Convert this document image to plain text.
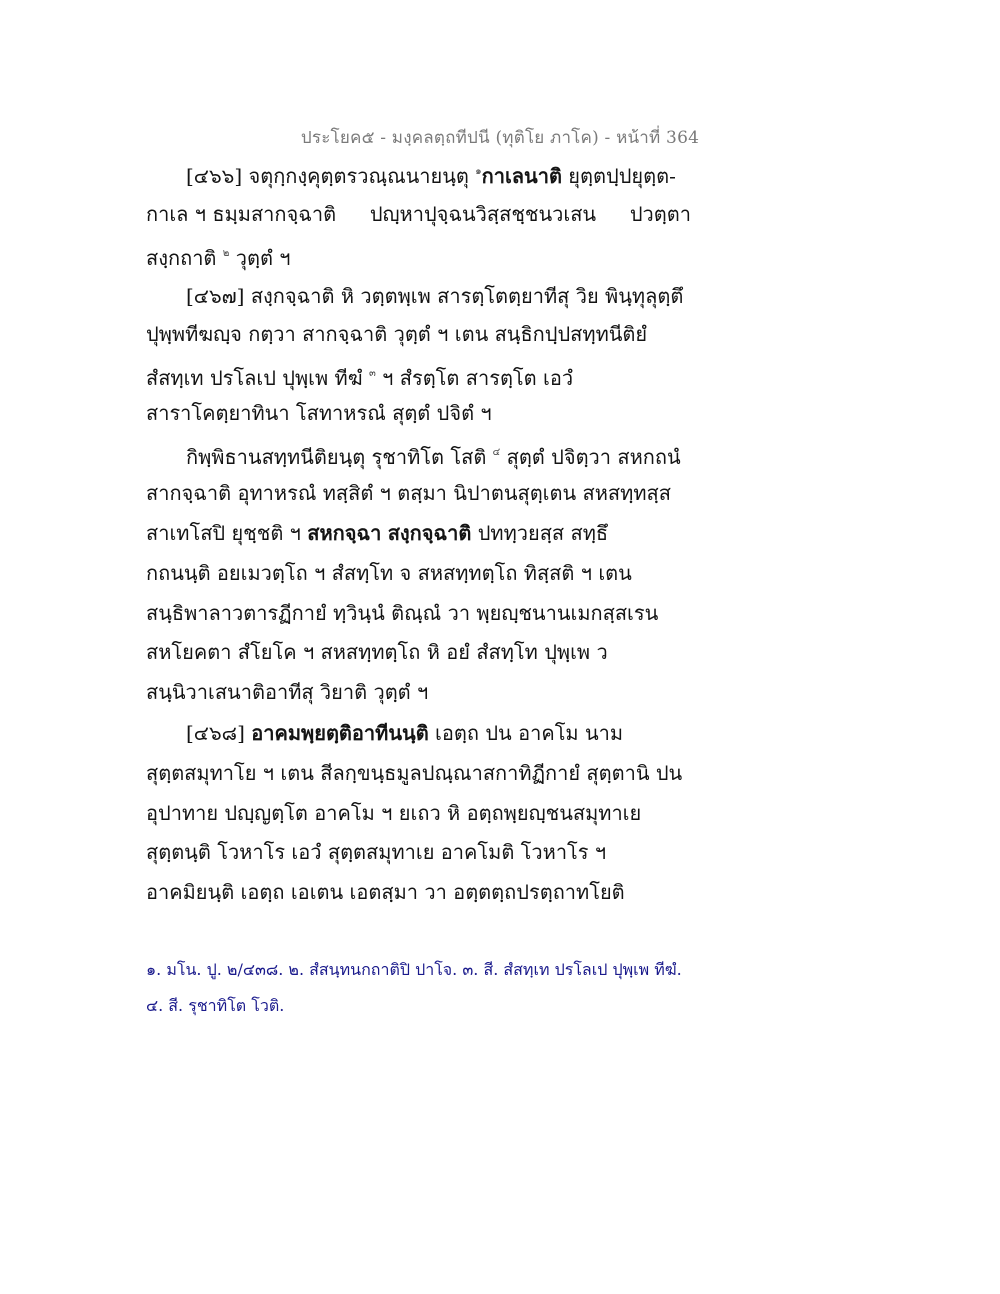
ประโยค๕ - มงฺคลตฺถทีปนี (ทุติโย ภาโค) - หน้าที่ 364
[๔๖๖] จตุกฺกงฺคุตฺตรวณฺณนายนฺตุ $^๑$กาเลนาติ ยุตฺตปฺปยุตฺต-
กาเล ฯ ธมฺมสากจฺฉาติ ปญฺหาปุจฺฉนวิสฺสชฺชนวเสน ปวตฺตา
สงฺกถาติ $^๒$ วุตฺตํ ฯ
[๔๖๗] สงฺกจฺฉาติ หิ วตฺตพฺเพ สารตฺโตตฺยาทีสุ วิย พินฺทุลุตฺตึ
ปุพฺพทีฆญฺจ กตฺวา สากจฺฉาติ วุตฺตํ ฯ เตน สนฺธิกปฺปสทฺทนีติยํ
สํสทฺเท ปรโลเป ปุพฺเพ ทีฆํ $^๓$ ฯ สํรตฺโต สารตฺโต เอวํ
สาราโคตฺยาทินา โสทาหรณํ สุตฺตํ ปจิตํ ฯ
กิพฺพิธานสทฺทนีติยนฺตุ รุชาทิโต โสติ $^๔$ สุตฺตํ ปจิตฺวา สหกถนํ
สากจฺฉาติ อุทาหรณํ ทสฺสิตํ ฯ ตสฺมา นิปาตนสุตฺเตน สหสทฺทสฺส
สาเทโสปิ ยุชฺชติ ฯ สหกจฺฉา สงฺกจฺฉาติ ปททฺวยสฺส สทฺธึ
กถนนฺติ อยเมวตฺโถ ฯ สํสทฺโท จ สหสทฺทตฺโถ ทิสฺสติ ฯ เตน
สนฺธิพาลาวตารฏีกายํ ทฺวินฺนํ ติณฺณํ วา พฺยญฺชนานเมกสฺสเรน
สหโยคตา สํโยโค ฯ สหสทฺทตฺโถ หิ อยํ สํสทฺโท ปุพฺเพ ว
สนฺนิวาเสนาติอาทีสุ วิยาติ วุตฺตํ ฯ
[๔๖๘] อาคมพฺยตฺติอาทีนนฺติ เอตฺถ ปน อาคโม นาม
สุตฺตสมุทาโย ฯ เตน สีลกฺขนฺธมูลปณฺณาสกาทิฏีกายํ สุตฺตานิ ปน
อุปาทาย ปญฺญตฺโต อาคโม ฯ ยเถว หิ อตฺถพฺยญฺชนสมุทาเย
สุตฺตนฺติ โวหาโร เอวํ สุตฺตสมุทาเย อาคโมติ โวหาโร ฯ
อาคมิยนฺติ เอตฺถ เอเตน เอตสฺมา วา อตฺตตฺถปรตฺถาทโยติ
๑. มโน. ปู. ๒/๔๓๘. ๒. สํสนฺทนกถาติปิ ปาโจ. ๓. สี. สํสทฺเท ปรโลเป ปุพฺเพ ทีฆํ.
๔. สี. รุชาทิโต โวติ.
